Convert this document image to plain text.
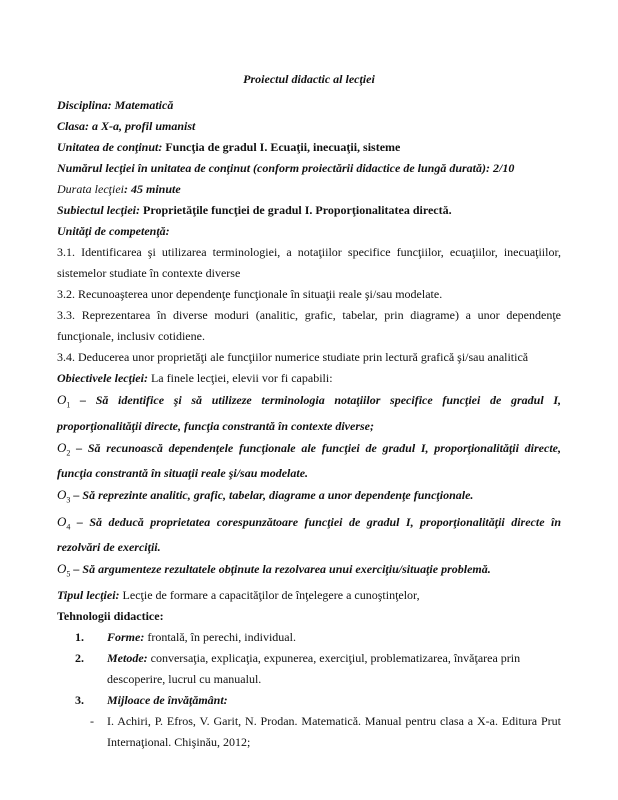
Proiectul didactic al lecţiei

Disciplina: Matematică

Clasa: a X-a, profil umanist

Unitatea de conţinut: Funcţia de gradul I. Ecuaţii, inecuaţii, sisteme

Numărul lecţiei în unitatea de conţinut (conform proiectării didactice de lungă durată): 2/10

Durata lecţiei: 45 minute

Subiectul lecţiei: Proprietăţile funcţiei de gradul I. Proporţionalitatea directă.

Unităţi de competenţă:

3.1. Identificarea şi utilizarea terminologiei, a notaţiilor specifice funcţiilor, ecuaţiilor, inecuaţiilor, sistemelor studiate în contexte diverse

3.2. Recunoaşterea unor dependenţe funcţionale în situaţii reale şi/sau modelate.

3.3. Reprezentarea în diverse moduri (analitic, grafic, tabelar, prin diagrame) a unor dependenţe funcţionale, inclusiv cotidiene.

3.4. Deducerea unor proprietăţi ale funcţiilor numerice studiate prin lectură grafică şi/sau analitică

Obiectivele lecţiei: La finele lecţiei, elevii vor fi capabili:

$O_1$ – Să identifice şi să utilizeze terminologia notaţiilor specifice funcţiei de gradul I, proporţionalităţii directe, funcţia constrantă în contexte diverse;

$O_2$ – Să recunoască dependenţele funcţionale ale funcţiei de gradul I, proporţionalităţii directe, funcţia constrantă în situaţii reale şi/sau modelate.

$O_3$ – Să reprezinte analitic, grafic, tabelar, diagrame a unor dependenţe funcţionale.

$O_4$ – Să deducă proprietatea corespunzătoare funcţiei de gradul I, proporţionalităţii directe în rezolvări de exerciţii.

$O_5$ – Să argumenteze rezultatele obţinute la rezolvarea unui exerciţiu/situaţie problemă.

Tipul lecţiei: Lecţie de formare a capacităţilor de înţelegere a cunoştinţelor,

Tehnologii didactice:

1. Forme: frontală, în perechi, individual.
2. Metode: conversaţia, explicaţia, expunerea, exerciţiul, problematizarea, învăţarea prin descoperire, lucrul cu manualul.
3. Mijloace de învăţământ:
- I. Achiri, P. Efros, V. Garit, N. Prodan. Matematică. Manual pentru clasa a X-a. Editura Prut Internaţional. Chişinău, 2012;
